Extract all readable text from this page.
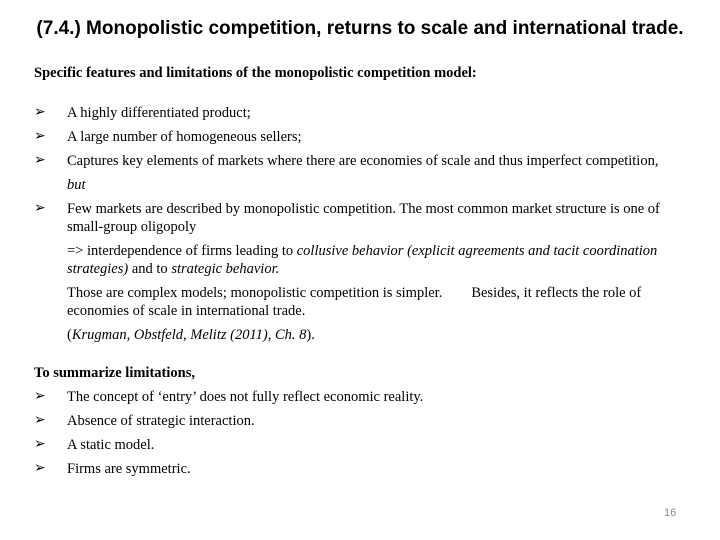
(7.4.) Monopolistic competition, returns to scale and international trade.

Specific features and limitations of the monopolistic competition model:

➢ A highly differentiated product;
➢ A large number of homogeneous sellers;
➢ Captures key elements of markets where there are economies of scale and thus imperfect competition,

but

➢ Few markets are described by monopolistic competition. The most common market structure is one of small-group oligopoly

=> interdependence of firms leading to collusive behavior (explicit agreements and tacit coordination strategies) and to strategic behavior.

Those are complex models; monopolistic competition is simpler.        Besides, it reflects the role of economies of scale in international trade.

(Krugman, Obstfeld, Melitz (2011), Ch. 8).

To summarize limitations,

➢ The concept of ‘entry’ does not fully reflect economic reality.
➢ Absence of strategic interaction.
➢ A static model.
➢ Firms are symmetric.
16
